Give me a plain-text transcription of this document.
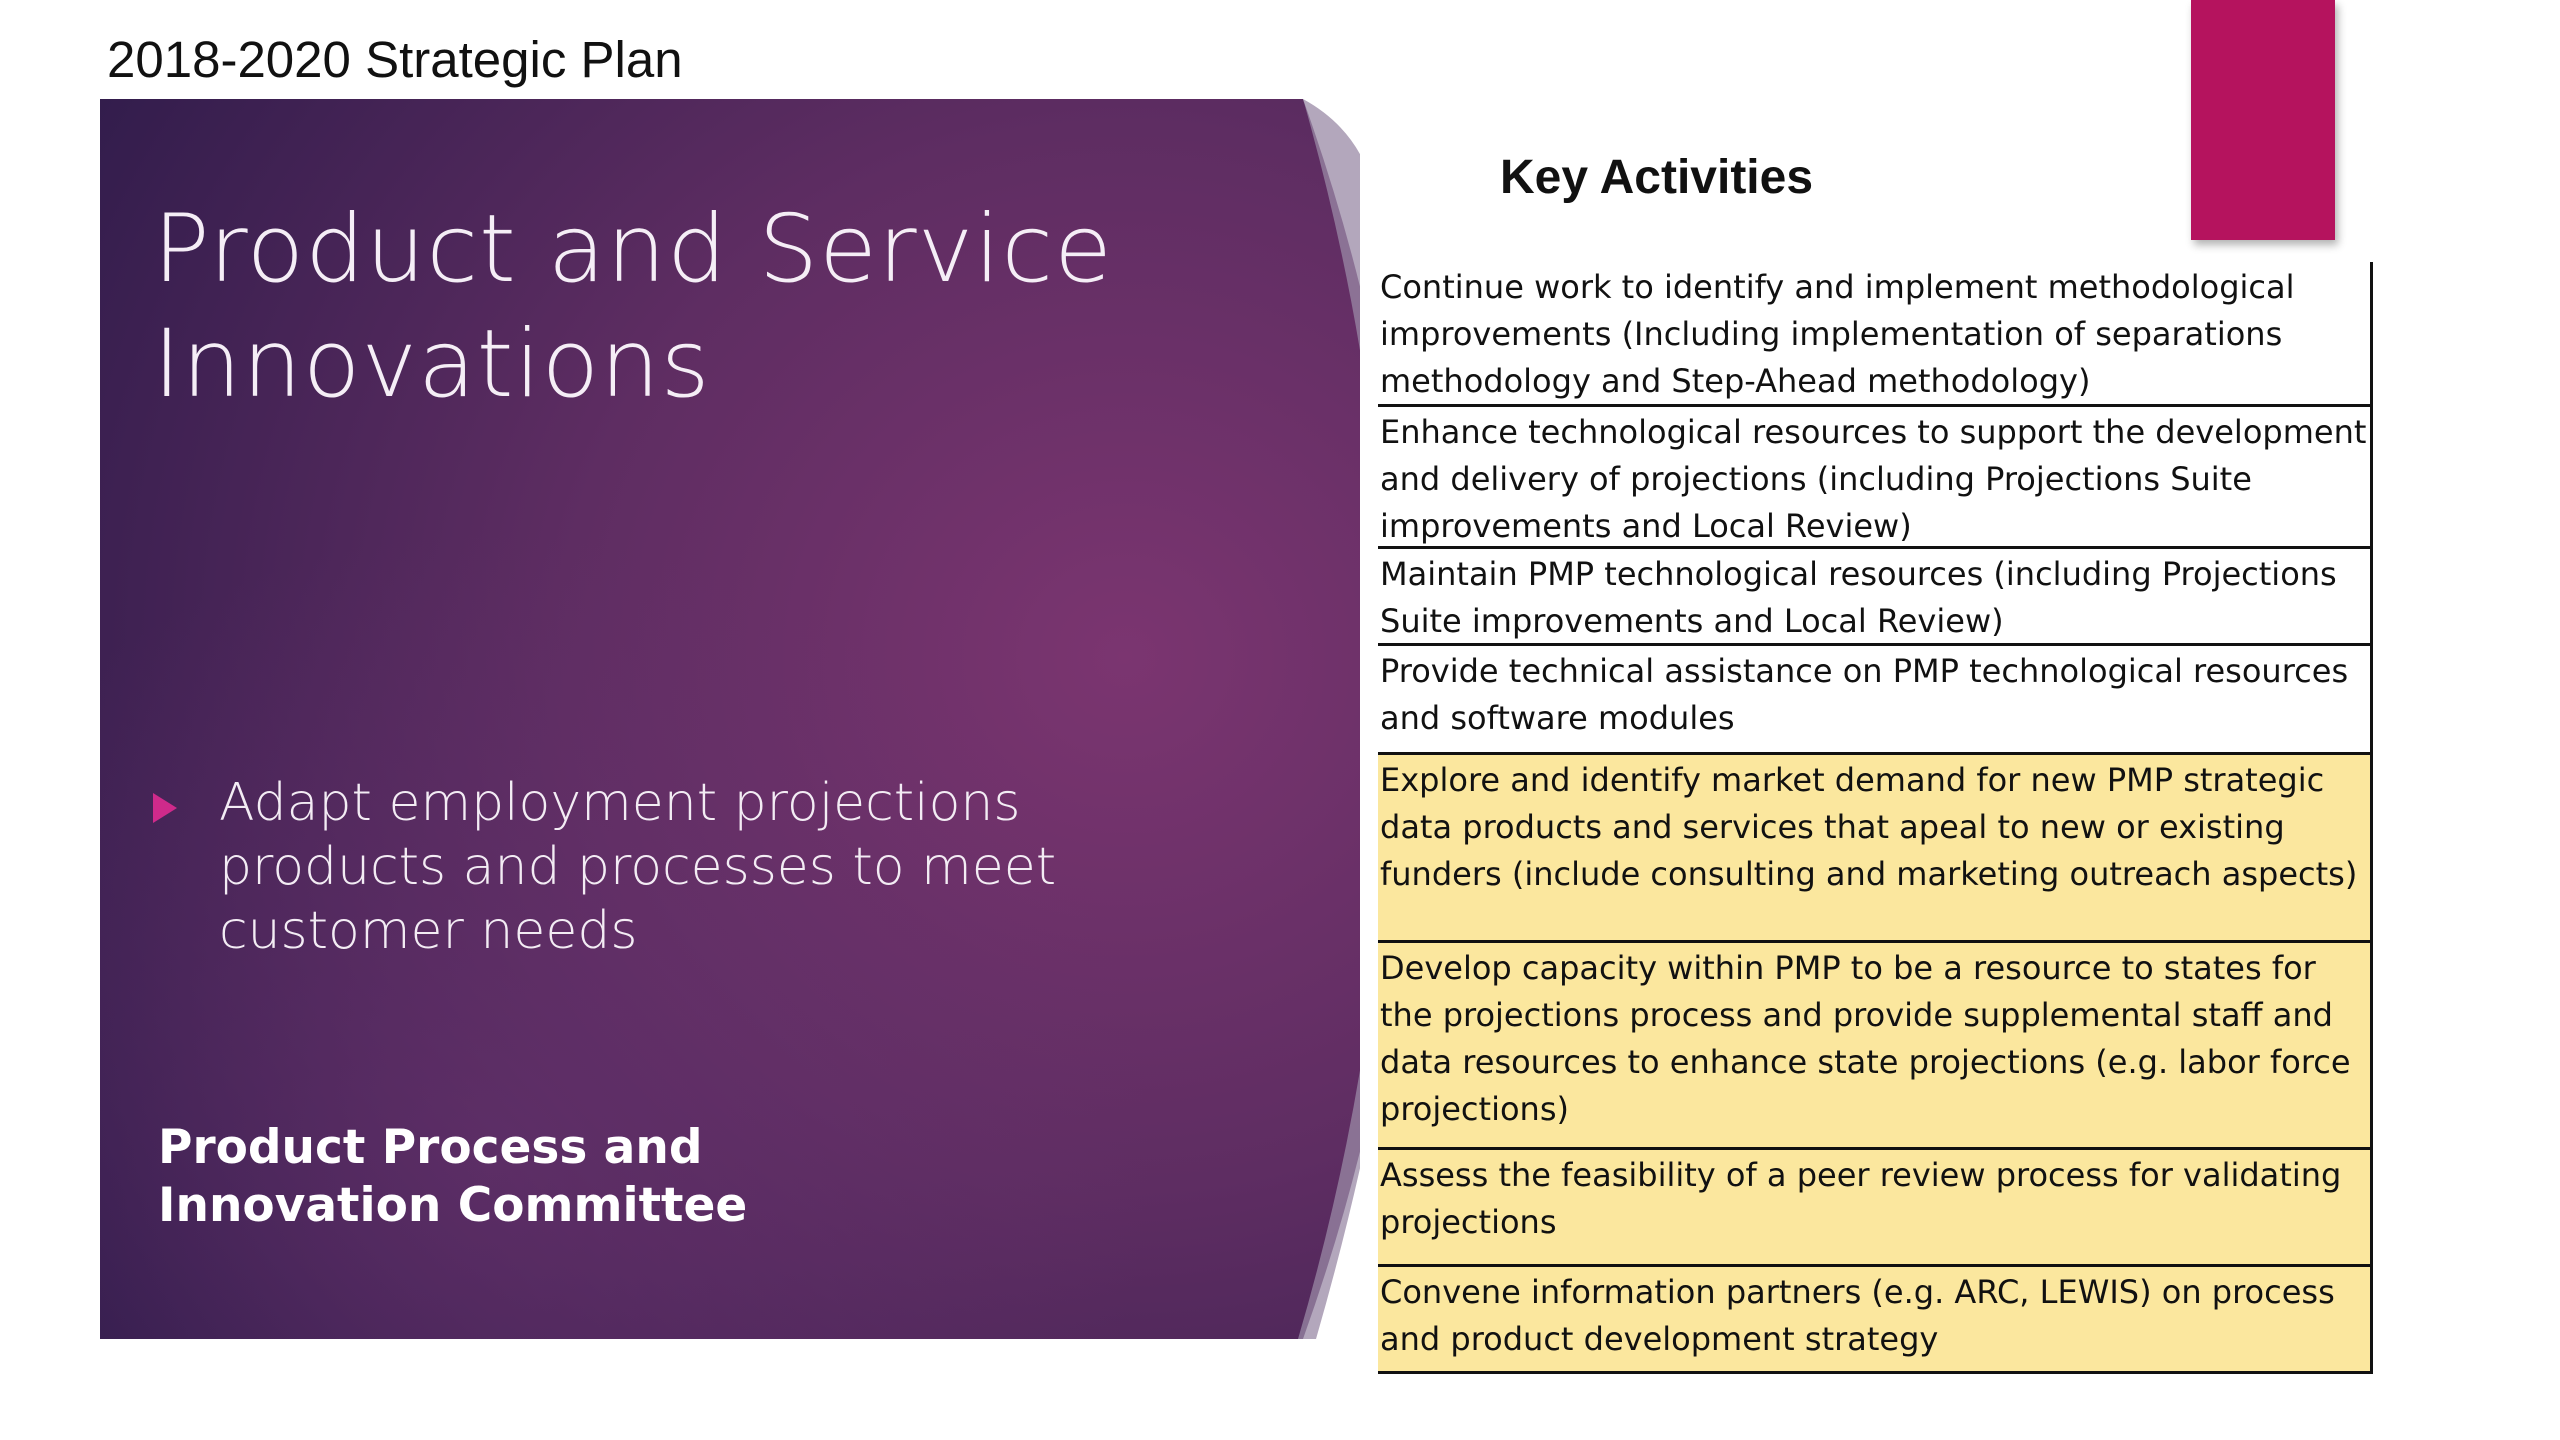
2018-2020 Strategic Plan
Product and Service Innovations
Adapt employment projections products and processes to meet customer needs
Product Process and Innovation Committee
Key Activities
Continue work to identify and implement methodological improvements (Including implementation of separations methodology and Step-Ahead methodology)
Enhance technological resources to support the development and delivery of projections (including Projections Suite improvements and Local Review)
Maintain PMP technological resources (including Projections Suite improvements and Local Review)
Provide technical assistance on PMP technological resources and software modules
Explore and identify market demand for new PMP strategic data products and services that apeal to new or existing funders (include consulting and marketing outreach aspects)
Develop capacity within PMP to be a resource to states for the projections process and provide supplemental staff and data resources to enhance state projections (e.g. labor force projections)
Assess the feasibility of a peer review process for validating projections
Convene information partners (e.g. ARC, LEWIS) on process and product development strategy
